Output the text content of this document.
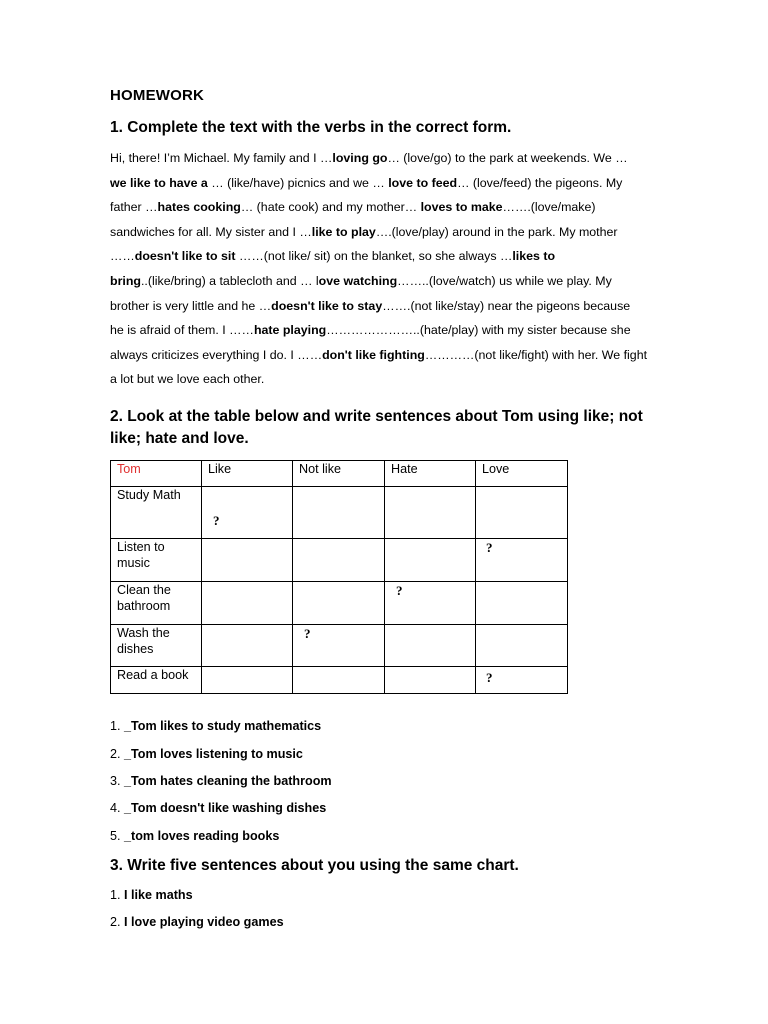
HOMEWORK
1. Complete the text with the verbs in the correct form.
Hi, there! I’m Michael. My family and I …loving go… (love/go) to the park at weekends. We …
we like to have a … (like/have) picnics and we … love to feed… (love/feed) the pigeons. My
father …hates cooking… (hate cook) and my mother… loves to make…….(love/make)
sandwiches for all. My sister and I …like to play….(love/play) around in the park. My mother
……doesn't like to sit ……(not like/ sit) on the blanket, so she always …likes to
bring..(like/bring) a tablecloth and … love watching……..(love/watch) us while we play. My
brother is very little and he …doesn't like to stay…….(not like/stay) near the pigeons because
he is afraid of them. I ……hate playing…………………..(hate/play) with my sister because she
always criticizes everything I do. I ……don't like fighting…………(not like/fight) with her. We fight
a lot but we love each other.
2. Look at the table below and write sentences about Tom using like; not like; hate and love.
Tom	Like	Not like	Hate	Love
Study Math	?			

Listen to music				?

Clean the bathroom			?	

Wash the dishes		?		

Read a book				?
1. _Tom likes to study mathematics
2. _Tom loves listening to music
3. _Tom hates cleaning the bathroom
4. _Tom doesn't like washing dishes
5. _tom loves reading books
3. Write five sentences about you using the same chart.
1. I like maths
2. I love playing video games
